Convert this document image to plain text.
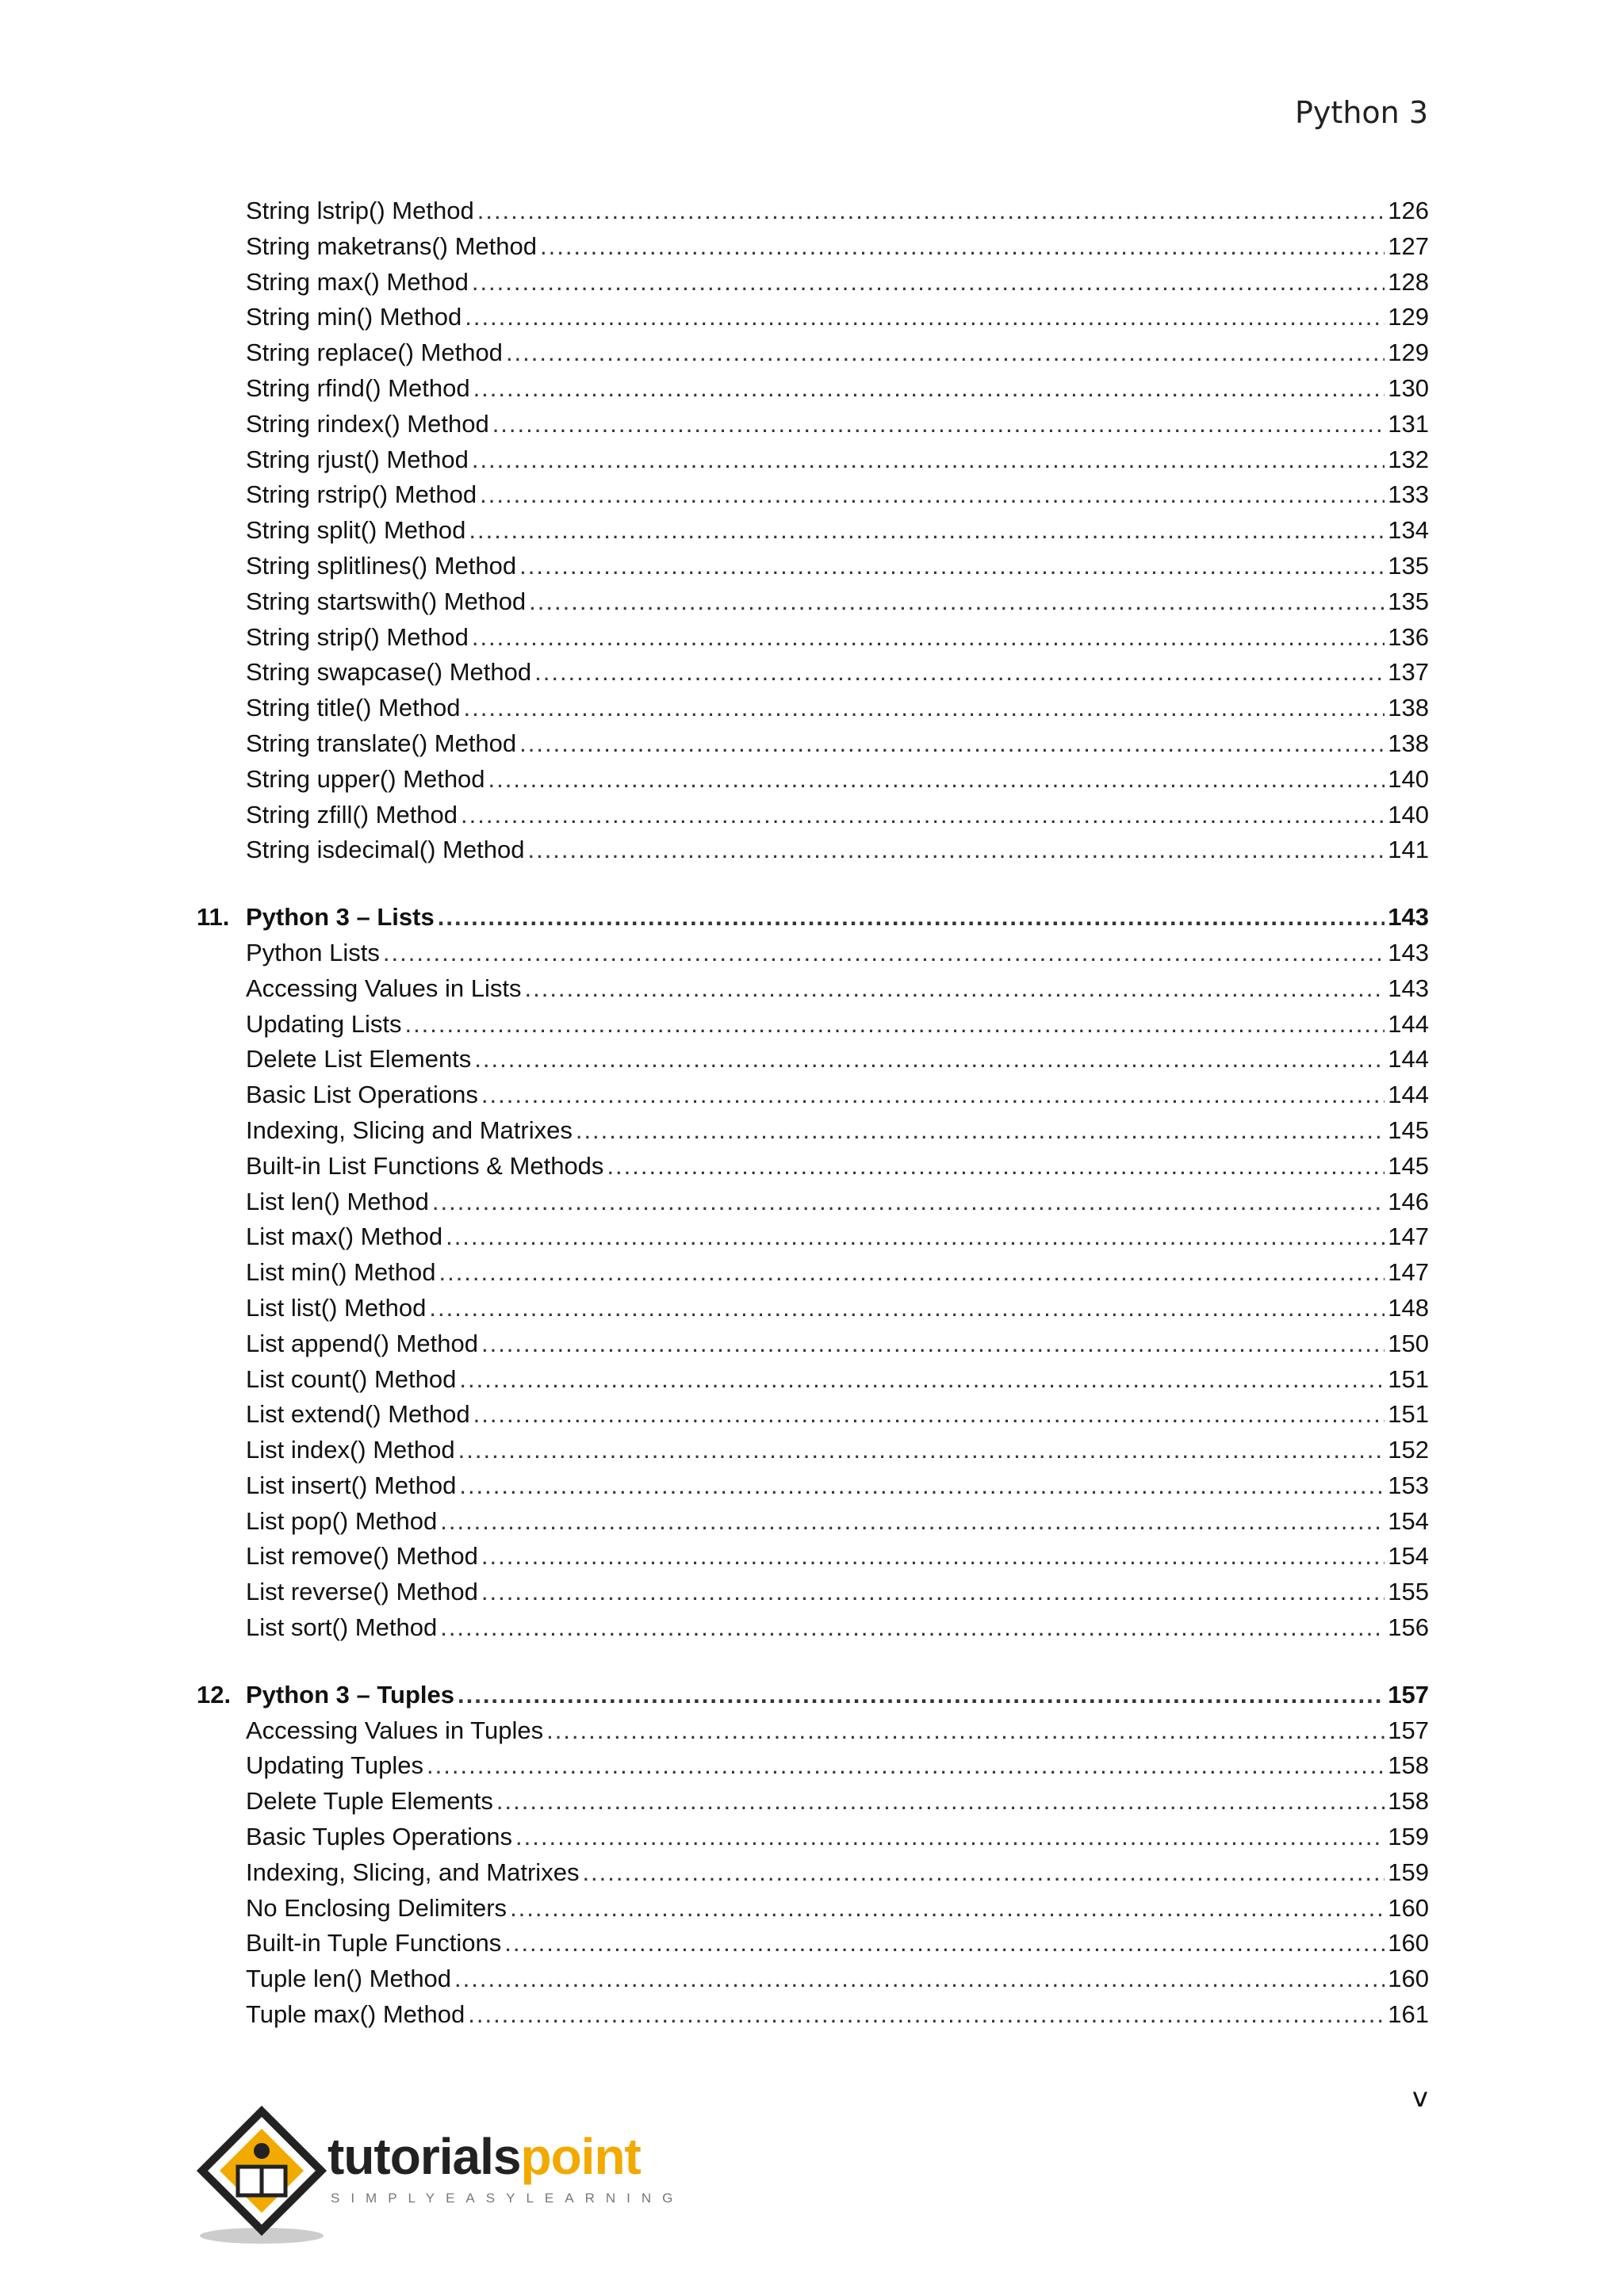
Python 3
String lstrip() Method .....	126
String maketrans() Method .....	127
String max() Method .....	128
String min() Method .....	129
String replace() Method .....	129
String rfind() Method .....	130
String rindex() Method .....	131
String rjust() Method .....	132
String rstrip() Method .....	133
String split() Method .....	134
String splitlines() Method .....	135
String startswith() Method .....	135
String strip() Method .....	136
String swapcase() Method .....	137
String title() Method .....	138
String translate() Method .....	138
String upper() Method .....	140
String zfill() Method .....	140
String isdecimal() Method .....	141
11. Python 3 – Lists .....	143
Python Lists .....	143
Accessing Values in Lists .....	143
Updating Lists .....	144
Delete List Elements .....	144
Basic List Operations .....	144
Indexing, Slicing and Matrixes .....	145
Built-in List Functions & Methods .....	145
List len() Method .....	146
List max() Method .....	147
List min() Method .....	147
List list() Method .....	148
List append() Method .....	150
List count() Method .....	151
List extend() Method .....	151
List index() Method .....	152
List insert() Method .....	153
List pop() Method .....	154
List remove() Method .....	154
List reverse() Method .....	155
List sort() Method .....	156
12. Python 3 – Tuples .....	157
Accessing Values in Tuples .....	157
Updating Tuples .....	158
Delete Tuple Elements .....	158
Basic Tuples Operations .....	159
Indexing, Slicing, and Matrixes .....	159
No Enclosing Delimiters .....	160
Built-in Tuple Functions .....	160
Tuple len() Method .....	160
Tuple max() Method .....	161
v
tutorialspoint
SIMPLYEASYLEARNING
